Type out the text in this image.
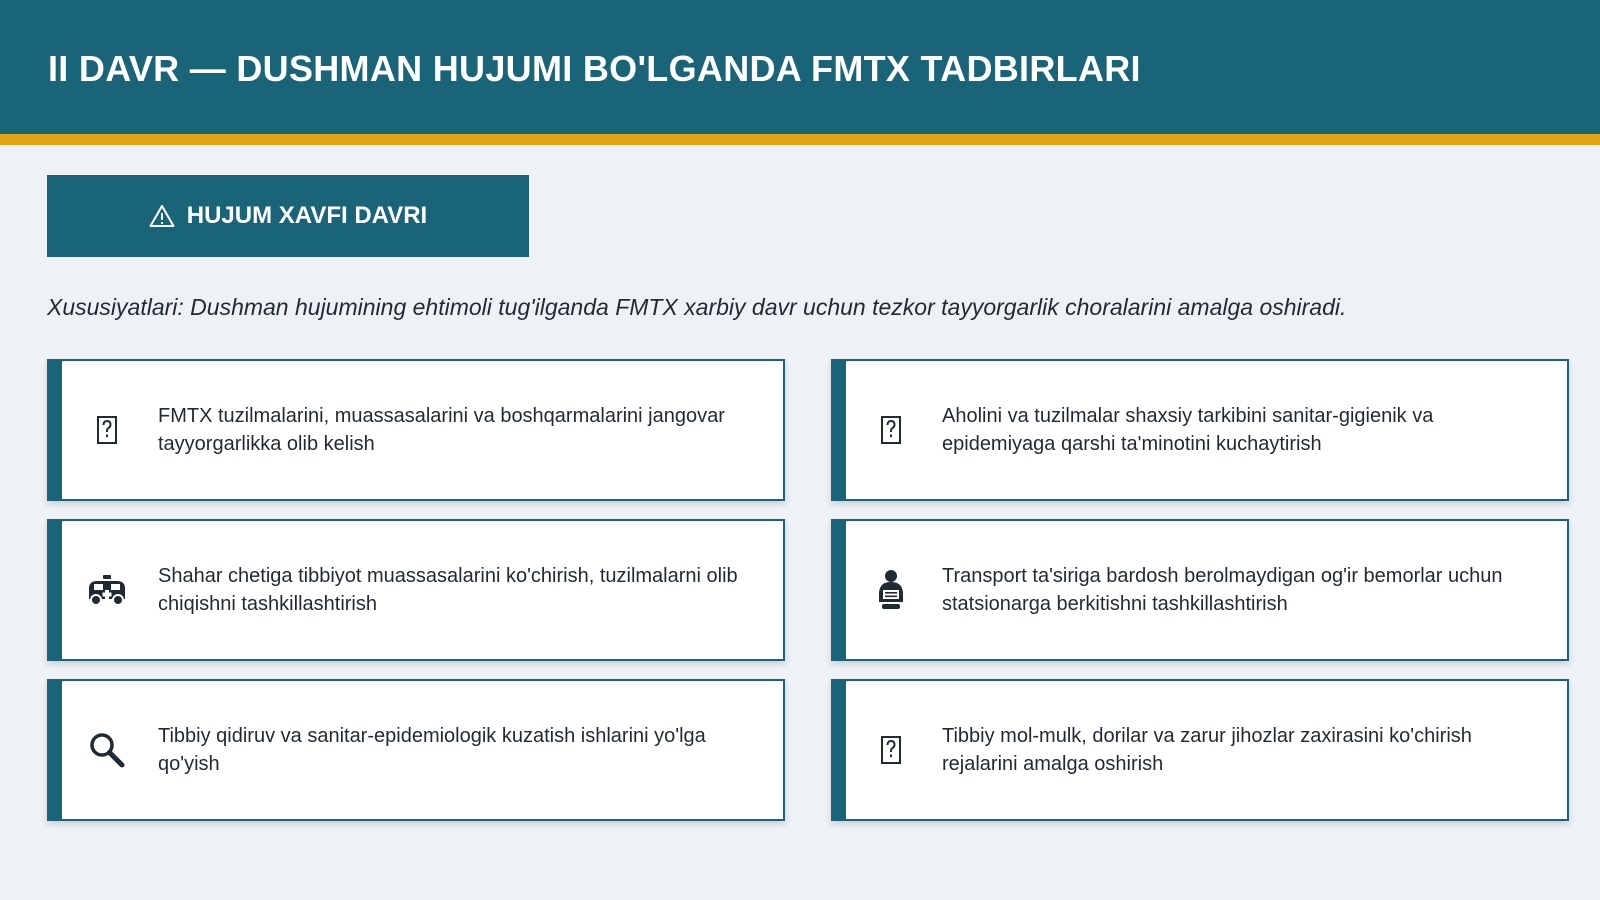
II DAVR — DUSHMAN HUJUMI BO'LGANDA FMTX TADBIRLARI
HUJUM XAVFI DAVRI
Xususiyatlari: Dushman hujumining ehtimoli tug'ilganda FMTX xarbiy davr uchun tezkor tayyorgarlik choralarini amalga oshiradi.
FMTX tuzilmalarini, muassasalarini va boshqarmalarini jangovar tayyorgarlikka olib kelish
Aholini va tuzilmalar shaxsiy tarkibini sanitar-gigienik va epidemiyaga qarshi ta'minotini kuchaytirish
Shahar chetiga tibbiyot muassasalarini ko'chirish, tuzilmalarni olib chiqishni tashkillashtirish
Transport ta'siriga bardosh berolmaydigan og'ir bemorlar uchun statsionarga berkitishni tashkillashtirish
Tibbiy qidiruv va sanitar-epidemiologik kuzatish ishlarini yo'lga qo'yish
Tibbiy mol-mulk, dorilar va zarur jihozlar zaxirasini ko'chirish rejalarini amalga oshirish
